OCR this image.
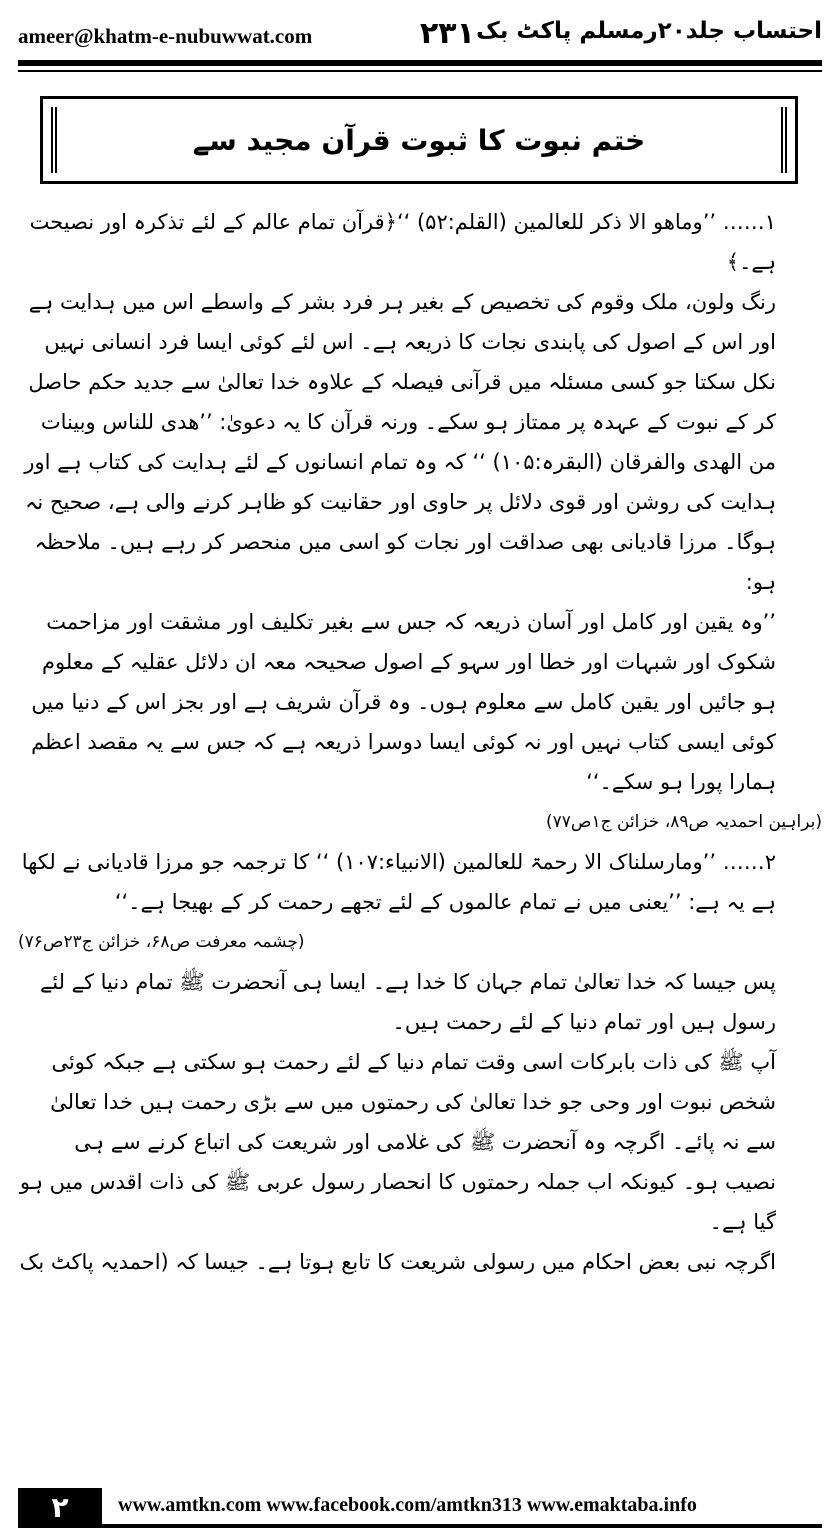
ameer@khatm-e-nubuwwat.com	۲۳۱ احتساب جلد۲۰رمسلم پاکٹ بک
ختم نبوت کا ثبوت قرآن مجید سے

۱…… ’’وماھو الا ذکر للعالمین (القلم:۵۲) ‘‘﴿قرآن تمام عالم کے لئے تذکرہ اور نصیحت ہے۔﴾

رنگ ولون، ملک وقوم کی تخصیص کے بغیر ہر فرد بشر کے واسطے اس میں ہدایت ہے اور اس کے اصول کی پابندی نجات کا ذریعہ ہے۔ اس لئے کوئی ایسا فرد انسانی نہیں نکل سکتا جو کسی مسئلہ میں قرآنی فیصلہ کے علاوہ خدا تعالیٰ سے جدید حکم حاصل کر کے نبوت کے عہدہ پر ممتاز ہو سکے۔ ورنہ قرآن کا یہ دعویٰ: ’’ھدی للناس وبینات من الھدی والفرقان (البقرہ:۱۰۵) ‘‘ کہ وہ تمام انسانوں کے لئے ہدایت کی کتاب ہے اور ہدایت کی روشن اور قوی دلائل پر حاوی اور حقانیت کو ظاہر کرنے والی ہے، صحیح نہ ہوگا۔ مرزا قادیانی بھی صداقت اور نجات کو اسی میں منحصر کر رہے ہیں۔ ملاحظہ ہو:

’’وہ یقین اور کامل اور آسان ذریعہ کہ جس سے بغیر تکلیف اور مشقت اور مزاحمت شکوک اور شبہات اور خطا اور سہو کے اصول صحیحہ معہ ان دلائل عقلیہ کے معلوم ہو جائیں اور یقین کامل سے معلوم ہوں۔ وہ قرآن شریف ہے اور بجز اس کے دنیا میں کوئی ایسی کتاب نہیں اور نہ کوئی ایسا دوسرا ذریعہ ہے کہ جس سے یہ مقصد اعظم ہمارا پورا ہو سکے۔‘‘

(براہین احمدیہ ص۸۹، خزائن ج۱ص۷۷)

۲…… ’’ومارسلناک الا رحمۃ للعالمین (الانبیاء:۱۰۷) ‘‘ کا ترجمہ جو مرزا قادیانی نے لکھا ہے یہ ہے: ’’یعنی میں نے تمام عالموں کے لئے تجھے رحمت کر کے بھیجا ہے۔‘‘

(چشمہ معرفت ص۶۸، خزائن ج۲۳ص۷۶)

پس جیسا کہ خدا تعالیٰ تمام جہان کا خدا ہے۔ ایسا ہی آنحضرت ﷺ تمام دنیا کے لئے رسول ہیں اور تمام دنیا کے لئے رحمت ہیں۔

آپ ﷺ کی ذات بابرکات اسی وقت تمام دنیا کے لئے رحمت ہو سکتی ہے جبکہ کوئی شخص نبوت اور وحی جو خدا تعالیٰ کی رحمتوں میں سے بڑی رحمت ہیں خدا تعالیٰ سے نہ پائے۔ اگرچہ وہ آنحضرت ﷺ کی غلامی اور شریعت کی اتباع کرنے سے ہی نصیب ہو۔ کیونکہ اب جملہ رحمتوں کا انحصار رسول عربی ﷺ کی ذات اقدس میں ہو گیا ہے۔

اگرچہ نبی بعض احکام میں رسولی شریعت کا تابع ہوتا ہے۔ جیسا کہ (احمدیہ پاکٹ بک

۲	www.amtkn.com www.facebook.com/amtkn313 www.emaktaba.info
